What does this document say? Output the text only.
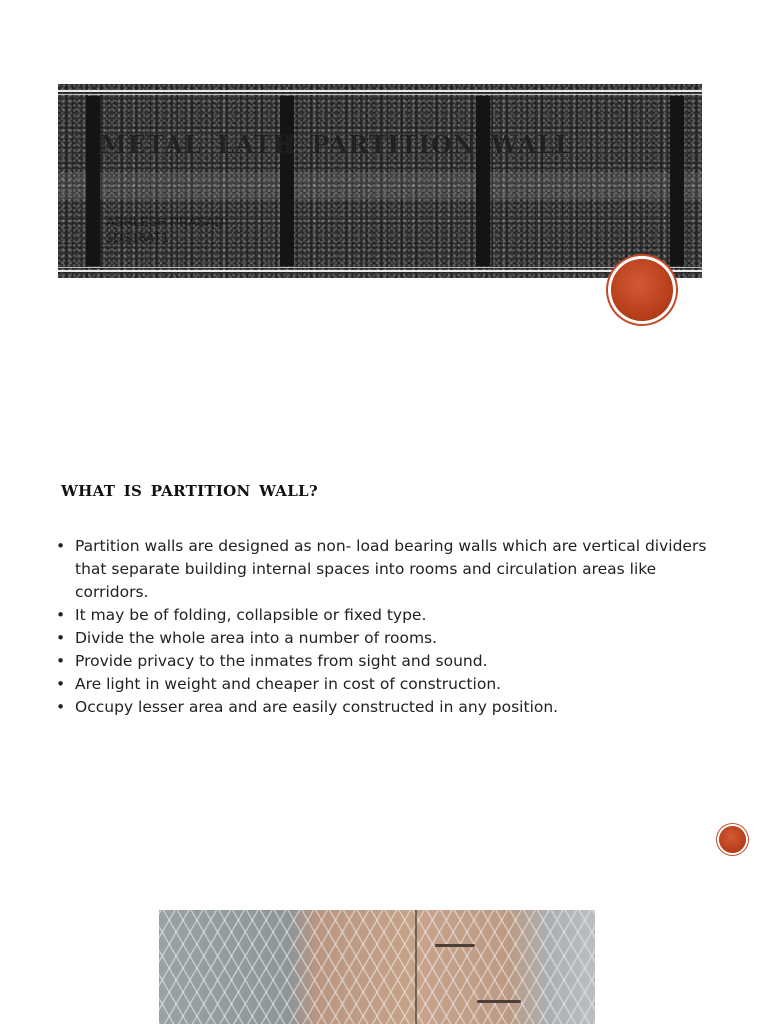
METAL LATH PARTITION WALL
ASHLESH PRASAD
1DS18AT1
WHAT IS PARTITION WALL?
• Partition walls are designed as non- load bearing walls which are vertical dividers that separate building internal spaces into rooms and circulation areas like corridors.
• It may be of folding, collapsible or fixed type.
• Divide the whole area into a number of rooms.
• Provide privacy to the inmates from sight and sound.
• Are light in weight and cheaper in cost of construction.
• Occupy lesser area and are easily constructed in any position.
